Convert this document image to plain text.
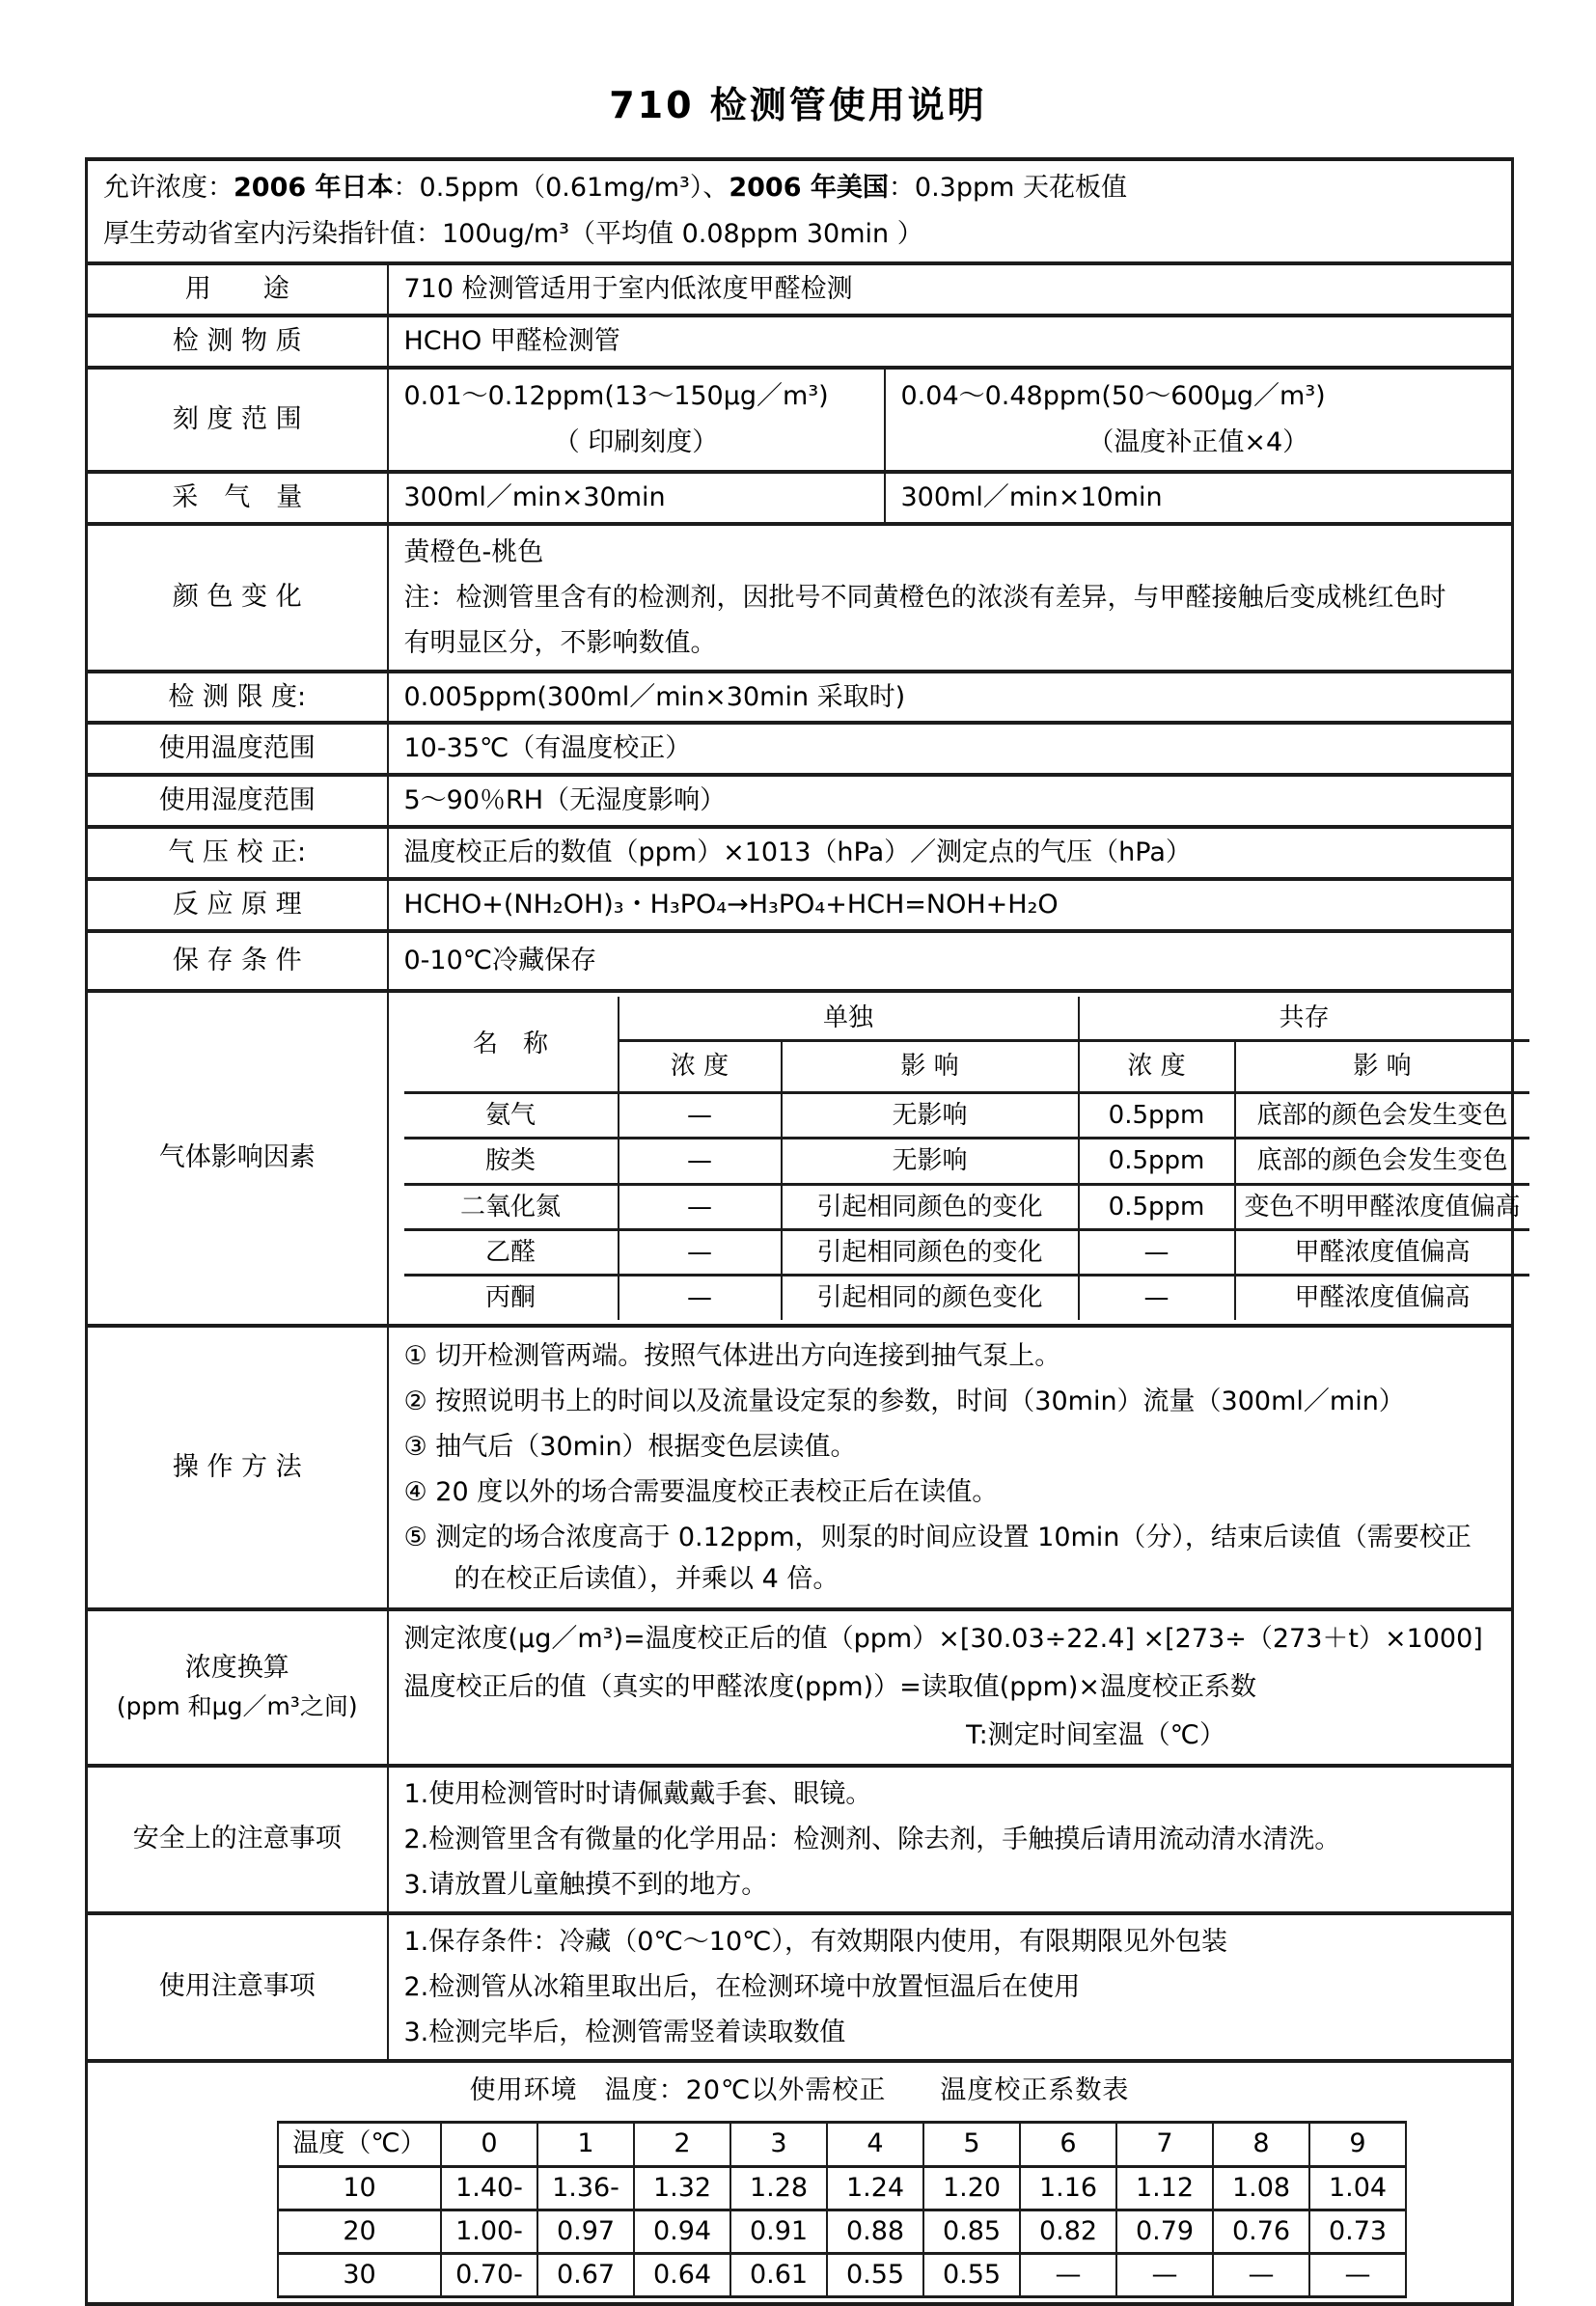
710 检测管使用说明
允许浓度：2006 年日本：0.5ppm（0.61mg/m³）、2006 年美国：0.3ppm 天花板值
厚生劳动省室内污染指针值：100ug/m³（平均值 0.08ppm 30min ）

用　　途	710 检测管适用于室内低浓度甲醛检测
检 测 物 质	HCHO 甲醛检测管
刻 度 范 围	
0.01～0.12ppm(13～150μg／m³)
（ 印刷刻度）

0.04～0.48ppm(50～600μg／m³)
（温度补正值×4）

采　气　量	300ml／min×30min	300ml／min×10min
颜 色 变 化	
黄橙色-桃色
注：检测管里含有的检测剂，因批号不同黄橙色的浓淡有差异，与甲醛接触后变成桃红色时
有明显区分，不影响数值。

检 测 限 度:	0.005ppm(300ml／min×30min 采取时)
使用温度范围	10-35℃（有温度校正）
使用湿度范围	5～90％RH（无湿度影响）
气 压 校 正:	温度校正后的数值（ppm）×1013（hPa）／测定点的气压（hPa）
反 应 原 理	HCHO+(NH₂OH)₃・H₃PO₄→H₃PO₄+HCH=NOH+H₂O
保 存 条 件	0-10℃冷藏保存
气体影响因素	
名　称	单独	共存
浓 度	影 响	浓 度	影 响
氨气	—	无影响	0.5ppm	底部的颜色会发生变色
胺类	—	无影响	0.5ppm	底部的颜色会发生变色
二氧化氮	—	引起相同颜色的变化	0.5ppm	变色不明甲醛浓度值偏高
乙醛	—	引起相同颜色的变化	—	甲醛浓度值偏高
丙酮	—	引起相同的颜色变化	—	甲醛浓度值偏高

操 作 方 法	
① 切开检测管两端。按照气体进出方向连接到抽气泵上。
② 按照说明书上的时间以及流量设定泵的参数，时间（30min）流量（300ml／min）
③ 抽气后（30min）根据变色层读值。
④ 20 度以外的场合需要温度校正表校正后在读值。
⑤ 测定的场合浓度高于 0.12ppm，则泵的时间应设置 10min（分），结束后读值（需要校正的在校正后读值），并乘以 4 倍。

浓度换算
(ppm 和μg／m³之间)

测定浓度(μg／m³)=温度校正后的值（ppm）×[30.03÷22.4] ×[273÷（273＋t）×1000]
温度校正后的值（真实的甲醛浓度(ppm)）=读取值(ppm)×温度校正系数
T:测定时间室温（℃）

安全上的注意事项	
1.使用检测管时时请佩戴戴手套、眼镜。
2.检测管里含有微量的化学用品：检测剂、除去剂，手触摸后请用流动清水清洗。
3.请放置儿童触摸不到的地方。

使用注意事项	
1.保存条件：冷藏（0℃～10℃），有效期限内使用，有限期限见外包装
2.检测管从冰箱里取出后，在检测环境中放置恒温后在使用
3.检测完毕后，检测管需竖着读取数值

使用环境　温度：20℃以外需校正　　温度校正系数表
温度（℃）	0	1	2	3	4	5	6	7	8	9
10	1.40-	1.36-	1.32	1.28	1.24	1.20	1.16	1.12	1.08	1.04
20	1.00-	0.97	0.94	0.91	0.88	0.85	0.82	0.79	0.76	0.73
30	0.70-	0.67	0.64	0.61	0.55	0.55	—	—	—	—
